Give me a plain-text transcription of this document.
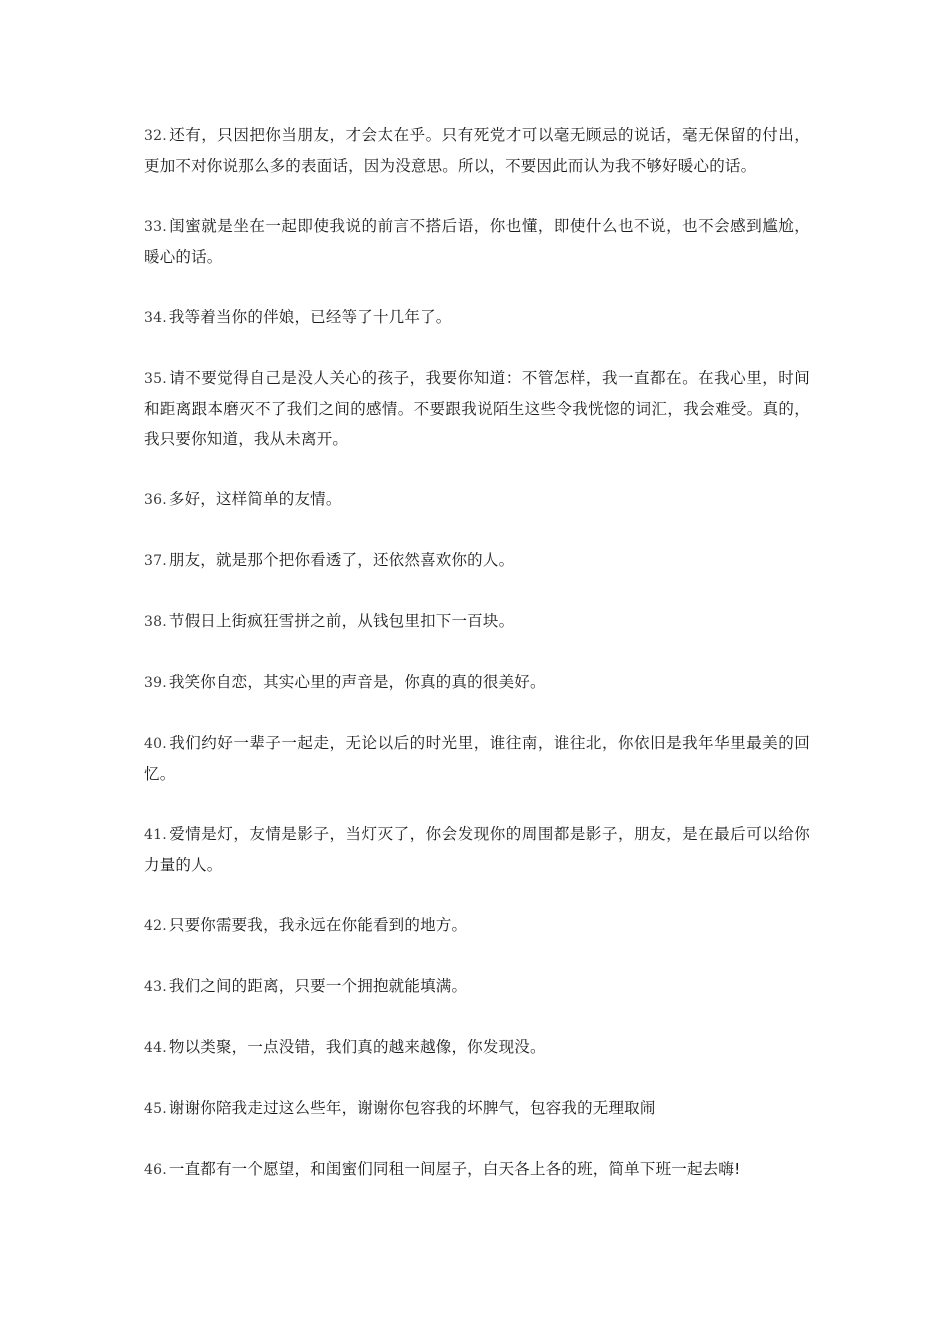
32. 还有，只因把你当朋友，才会太在乎。只有死党才可以毫无顾忌的说话，毫无保留的付出，更加不对你说那么多的表面话，因为没意思。所以，不要因此而认为我不够好暖心的话。

33. 闺蜜就是坐在一起即使我说的前言不搭后语，你也懂，即使什么也不说，也不会感到尴尬，暖心的话。

34. 我等着当你的伴娘，已经等了十几年了。

35. 请不要觉得自己是没人关心的孩子，我要你知道：不管怎样，我一直都在。在我心里，时间和距离跟本磨灭不了我们之间的感情。不要跟我说陌生这些令我恍惚的词汇，我会难受。真的，我只要你知道，我从未离开。

36. 多好，这样简单的友情。

37. 朋友，就是那个把你看透了，还依然喜欢你的人。

38. 节假日上街疯狂雪拼之前，从钱包里扣下一百块。

39. 我笑你自恋，其实心里的声音是，你真的真的很美好。

40. 我们约好一辈子一起走，无论以后的时光里，谁往南，谁往北，你依旧是我年华里最美的回忆。

41. 爱情是灯，友情是影子，当灯灭了，你会发现你的周围都是影子，朋友，是在最后可以给你力量的人。

42. 只要你需要我，我永远在你能看到的地方。

43. 我们之间的距离，只要一个拥抱就能填满。

44. 物以类聚，一点没错，我们真的越来越像，你发现没。

45. 谢谢你陪我走过这么些年，谢谢你包容我的坏脾气，包容我的无理取闹

46. 一直都有一个愿望，和闺蜜们同租一间屋子，白天各上各的班，简单下班一起去嗨!
